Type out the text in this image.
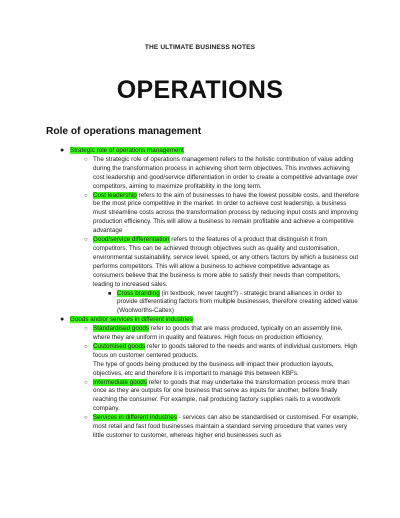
THE ULTIMATE BUSINESS NOTES
OPERATIONS
Role of operations management
● Strategic role of operations management
○ The strategic role of operations management refers to the holistic contribution of value adding during the transformation process in achieving short term objectives. This involves achieving cost leadership and good/service differentiation in order to create a competitive advantage over competitors, aiming to maximize profitability in the long term.
○ Cost leadership refers to the aim of businesses to have the lowest possible costs, and therefore be the most price competitive in the market. In order to achieve cost leadership, a business must streamline costs across the transformation process by reducing input costs and improving production efficiency. This will allow a business to remain profitable and achieve a competitive advantage
○ Good/service differentiation refers to the features of a product that distinguish it from competitors. This can be achieved through objectives such as quality and customisation, environmental sustainability, service level, speed, or any others factors by which a business out performs competitors. This will allow a business to achieve competitive advantage as consumers believe that the business is more able to satisfy their needs than competitors, leading to increased sales.
■ Cross branding (in textbook, never taught?) - strategic brand alliances in order to provide differentiating factors from multiple businesses, therefore creating added value (Woolworths-Caltex)
● Goods and/or services in different industries
○ Standardised goods refer to goods that are mass produced, typically on an assembly line, where they are uniform in quality and features. High focus on production efficiency.
○ Customised goods refer to goods tailored to the needs and wants of individual customers. High focus on customer centered products.
The type of goods being produced by the business will impact their production layouts, objectives, etc and therefore it is important to manage this between KBFs.
○ Intermediate goods refer to goods that may undertake the transformation process more than once as they are outputs for one business that serve as inputs for another, before finally reaching the consumer. For example, nail producing factory supplies nails to a woodwork company.
○ Services in different industries - services can also be standardised or customised. For example, most retail and fast food businesses maintain a standard serving procedure that varies very little customer to customer, whereas higher end businesses such as
